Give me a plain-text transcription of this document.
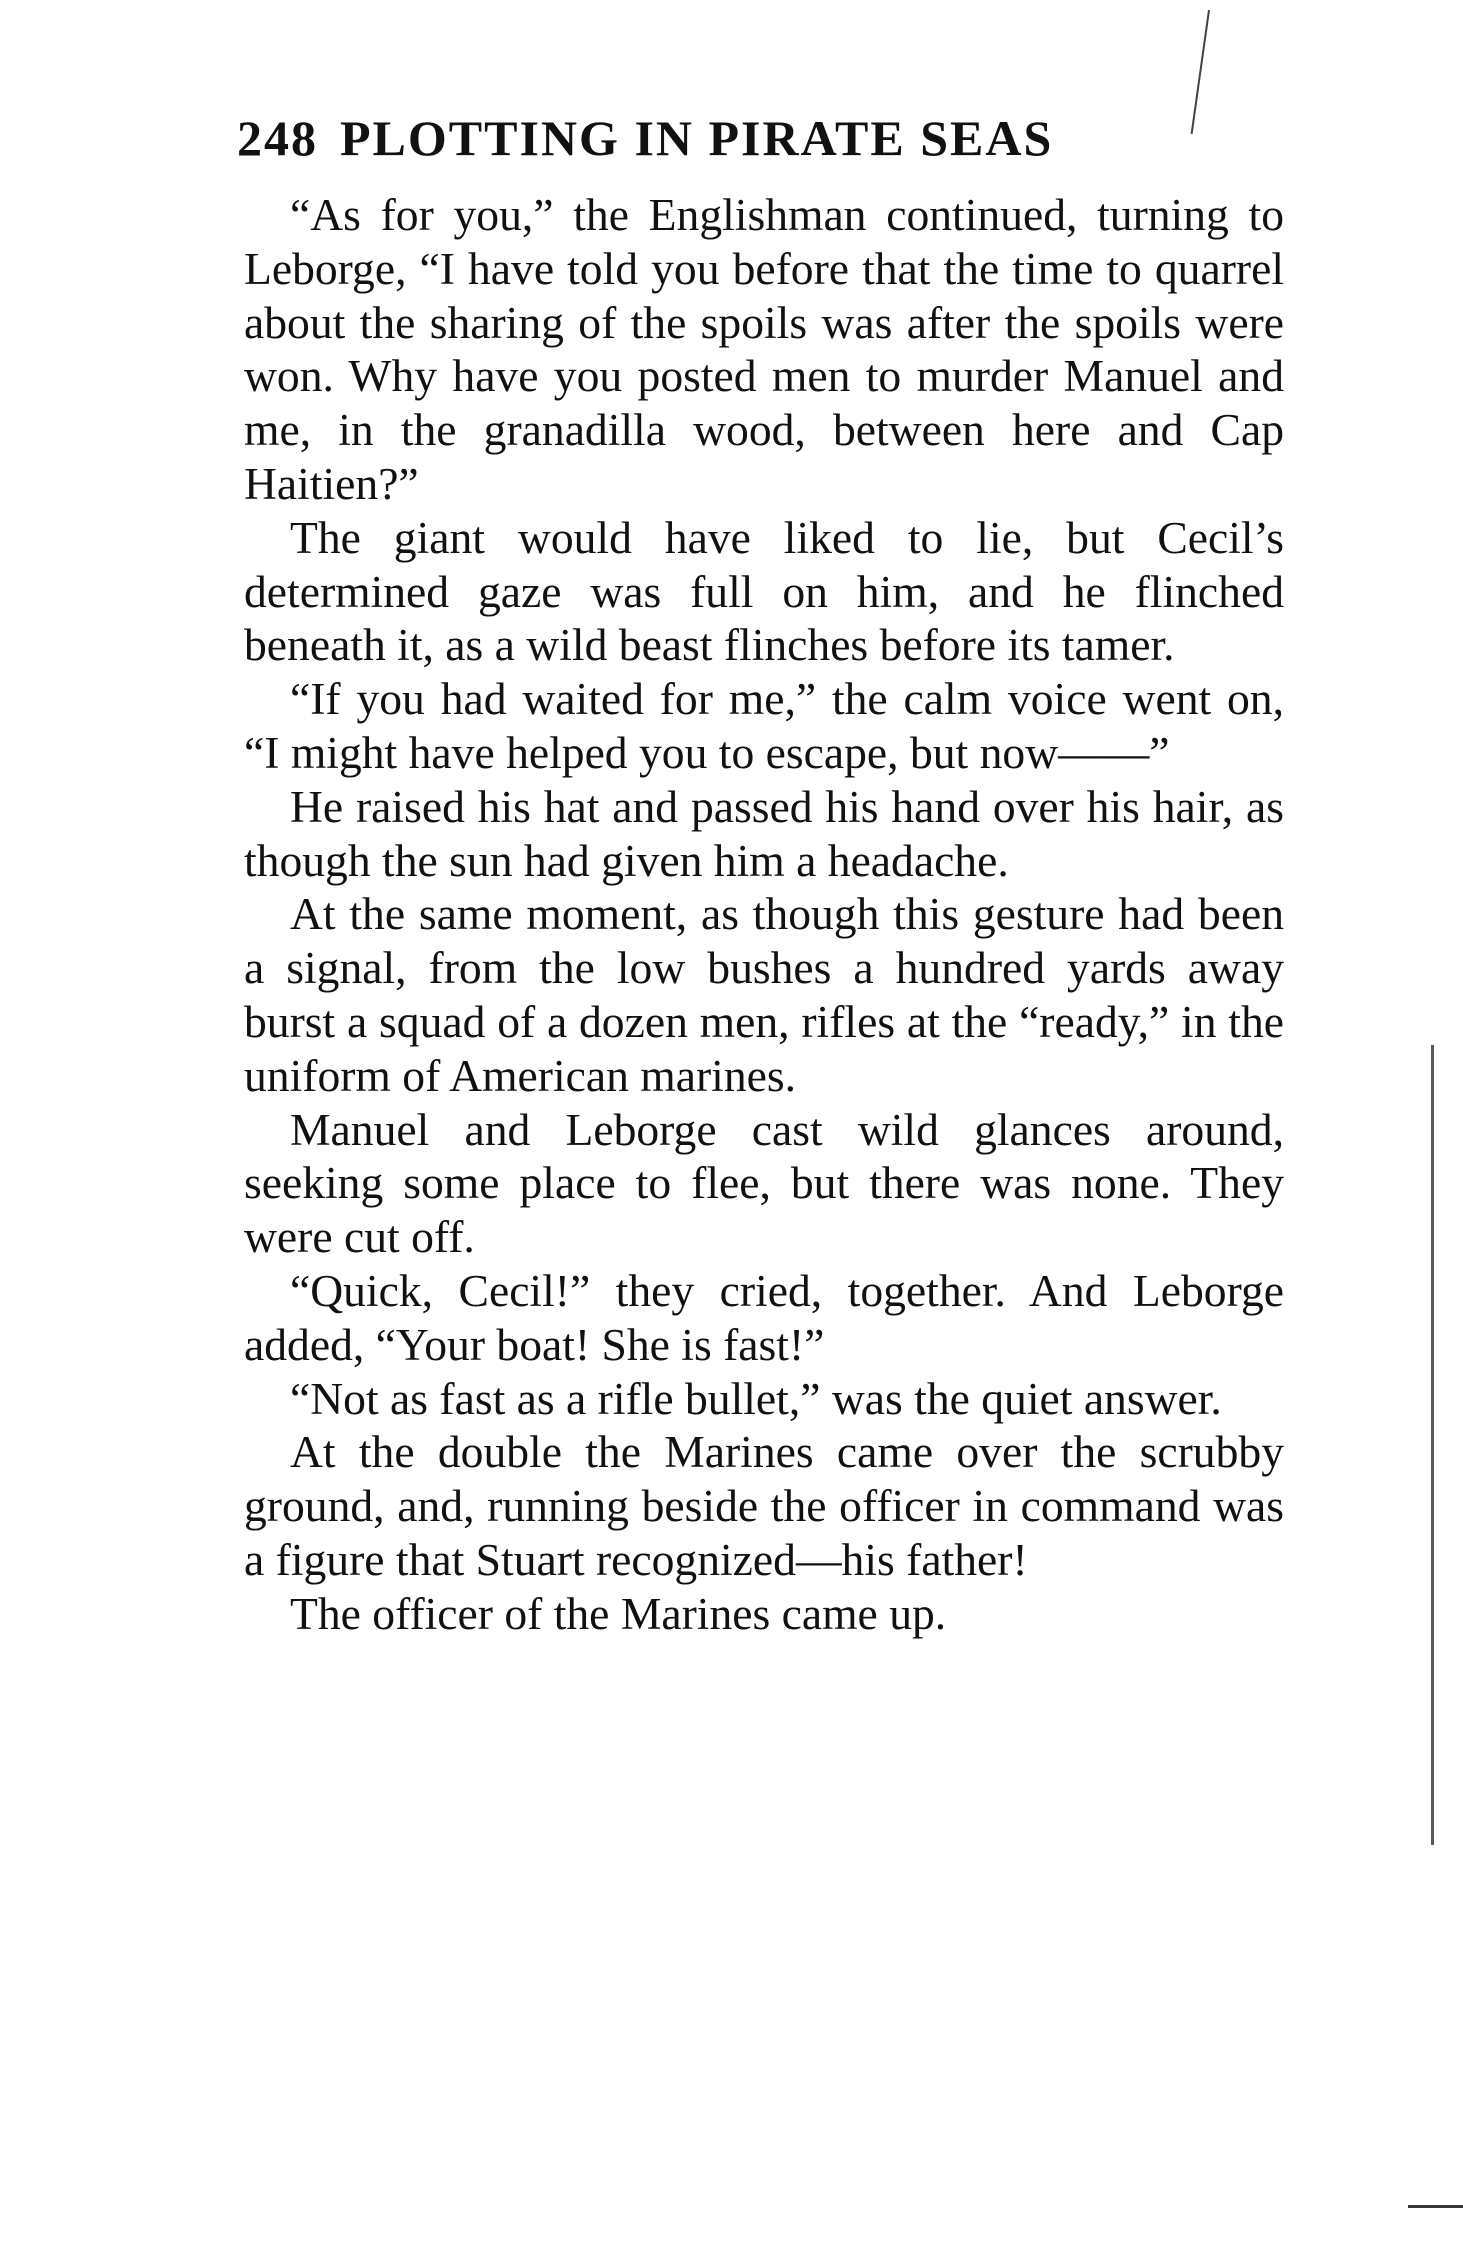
248 PLOTTING IN PIRATE SEAS

“As for you,” the Englishman continued, turning to Leborge, “I have told you before that the time to quarrel about the sharing of the spoils was after the spoils were won. Why have you posted men to murder Manuel and me, in the granadilla wood, between here and Cap Haitien?”

The giant would have liked to lie, but Cecil’s determined gaze was full on him, and he flinched beneath it, as a wild beast flinches before its tamer.

“If you had waited for me,” the calm voice went on, “I might have helped you to escape, but now——”

He raised his hat and passed his hand over his hair, as though the sun had given him a headache.

At the same moment, as though this gesture had been a signal, from the low bushes a hundred yards away burst a squad of a dozen men, rifles at the “ready,” in the uniform of American marines.

Manuel and Leborge cast wild glances around, seeking some place to flee, but there was none. They were cut off.

“Quick, Cecil!” they cried, together. And Leborge added, “Your boat! She is fast!”

“Not as fast as a rifle bullet,” was the quiet answer.

At the double the Marines came over the scrubby ground, and, running beside the officer in command was a figure that Stuart recognized—his father!

The officer of the Marines came up.
